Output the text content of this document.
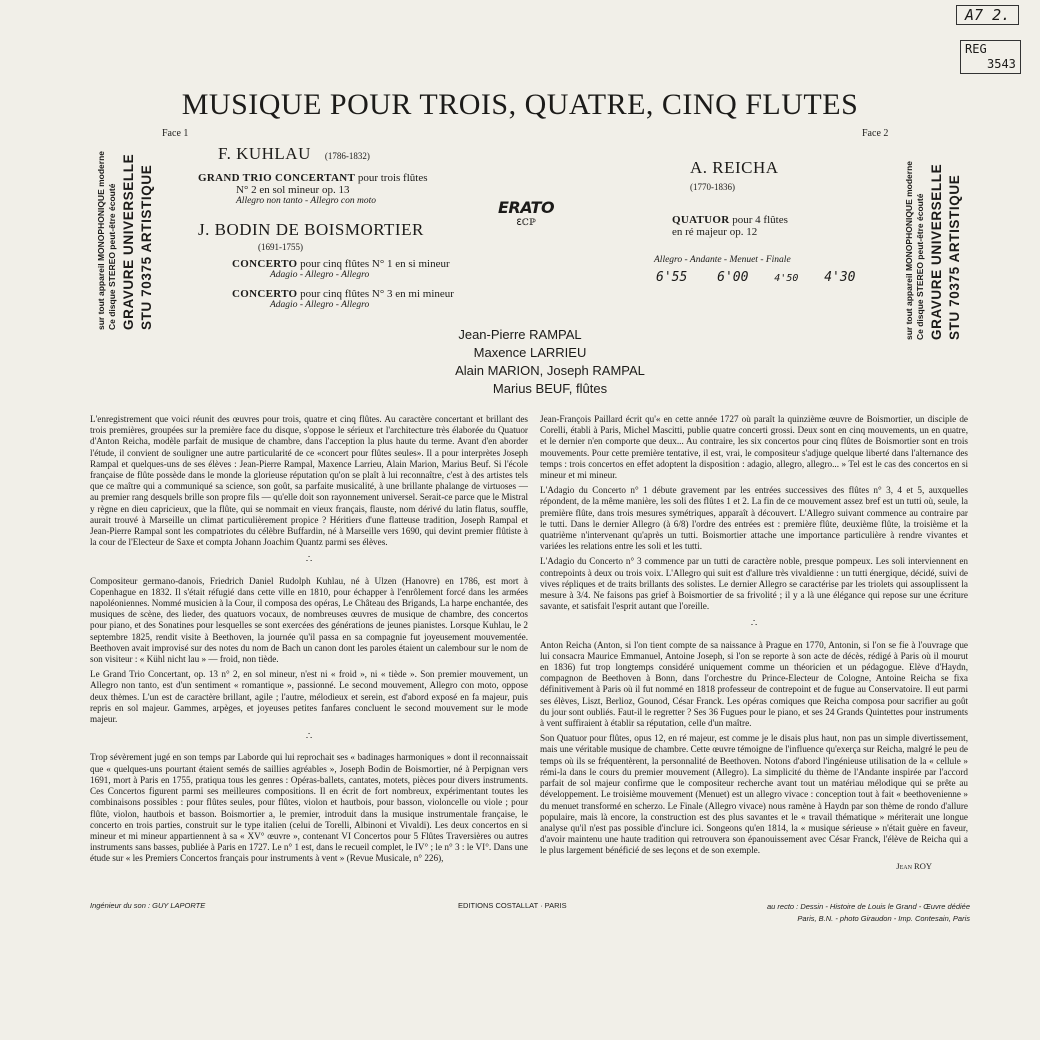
A7 2.
REG
3543
MUSIQUE POUR TROIS, QUATRE, CINQ FLUTES
STU 70375 ARTISTIQUE
GRAVURE UNIVERSELLE
Ce disque STEREO peut-être écouté
sur tout appareil MONOPHONIQUE moderne	STU 70375 ARTISTIQUE
GRAVURE UNIVERSELLE
Ce disque STEREO peut-être écouté
sur tout appareil MONOPHONIQUE moderne
Face 1
F. KUHLAU (1786-1832)
GRAND TRIO CONCERTANT pour trois flûtes
N° 2 en sol mineur op. 13
Allegro non tanto - Allegro con moto
J. BODIN DE BOISMORTIER
(1691-1755)
CONCERTO pour cinq flûtes N° 1 en si mineur
Adagio - Allegro - Allegro
CONCERTO pour cinq flûtes N° 3 en mi mineur
Adagio - Allegro - Allegro
ERATO
ℇℂℙ
Face 2
A. REICHA
(1770-1836)
QUATUOR pour 4 flûtes
en ré majeur op. 12
Allegro - Andante - Menuet - Finale
6'55 6'00	4'50 4'30
Jean-Pierre RAMPAL
Maxence LARRIEU
Alain MARION, Joseph RAMPAL
Marius BEUF, flûtes

L'enregistrement que voici réunit des œuvres pour trois, quatre et cinq flûtes. Au caractère concertant et brillant des trois premières, groupées sur la première face du disque, s'oppose le sérieux et l'architecture très élaborée du Quatuor d'Anton Reicha, modèle parfait de musique de chambre, dans l'acception la plus haute du terme. Avant d'en aborder l'étude, il convient de souligner une autre particularité de ce «concert pour flûtes seules». Il a pour interprètes Joseph Rampal et quelques-uns de ses élèves : Jean-Pierre Rampal, Maxence Larrieu, Alain Marion, Marius Beuf. Si l'école française de flûte possède dans le monde la glorieuse réputation qu'on se plaît à lui reconnaître, c'est à des artistes tels que ce maître qui a communiqué sa science, son goût, sa parfaite musicalité, à une brillante phalange de virtuoses — au premier rang desquels brille son propre fils — qu'elle doit son rayonnement universel. Serait-ce parce que le Mistral y règne en dieu capricieux, que la flûte, qui se nommait en vieux français, flauste, nom dérivé du latin flatus, souffle, aurait trouvé à Marseille un climat particulièrement propice ? Héritiers d'une flatteuse tradition, Joseph Rampal et Jean-Pierre Rampal sont les compatriotes du célèbre Buffardin, né à Marseille vers 1690, qui devint premier flûtiste à la cour de l'Electeur de Saxe et compta Johann Joachim Quantz parmi ses élèves.

∴

Compositeur germano-danois, Friedrich Daniel Rudolph Kuhlau, né à Ulzen (Hanovre) en 1786, est mort à Copenhague en 1832. Il s'était réfugié dans cette ville en 1810, pour échapper à l'enrôlement forcé dans les armées napoléoniennes. Nommé musicien à la Cour, il composa des opéras, Le Château des Brigands, La harpe enchantée, des musiques de scène, des lieder, des quatuors vocaux, de nombreuses œuvres de musique de chambre, des concertos pour piano, et des Sonatines pour lesquelles se sont exercées des générations de jeunes pianistes. Lorsque Kuhlau, le 2 septembre 1825, rendit visite à Beethoven, la journée qu'il passa en sa compagnie fut joyeusement mouvementée. Beethoven avait improvisé sur des notes du nom de Bach un canon dont les paroles étaient un calembour sur le nom de son visiteur : « Kühl nicht lau » — froid, non tiède.

Le Grand Trio Concertant, op. 13 n° 2, en sol mineur, n'est ni « froid », ni « tiède ». Son premier mouvement, un Allegro non tanto, est d'un sentiment « romantique », passionné. Le second mouvement, Allegro con moto, oppose deux thèmes. L'un est de caractère brillant, agile ; l'autre, mélodieux et serein, est d'abord exposé en fa majeur, puis repris en sol majeur. Gammes, arpèges, et joyeuses petites fanfares concluent le second mouvement sur le mode majeur.

∴

Trop sévèrement jugé en son temps par Laborde qui lui reprochait ses « badinages harmoniques » dont il reconnaissait que « quelques-uns pourtant étaient semés de saillies agréables », Joseph Bodin de Boismortier, né à Perpignan vers 1691, mort à Paris en 1755, pratiqua tous les genres : Opéras-ballets, cantates, motets, pièces pour divers instruments. Ces Concertos figurent parmi ses meilleures compositions. Il en écrit de fort nombreux, expérimentant toutes les combinaisons possibles : pour flûtes seules, pour flûtes, violon et hautbois, pour basson, violoncelle ou viole ; pour flûte, violon, hautbois et basson. Boismortier a, le premier, introduit dans la musique instrumentale française, le concerto en trois parties, construit sur le type italien (celui de Torelli, Albinoni et Vivaldi). Les deux concertos en si mineur et mi mineur appartiennent à sa « XV° œuvre », contenant VI Concertos pour 5 Flûtes Traversières ou autres instruments sans basses, publiée à Paris en 1727. Le n° 1 est, dans le recueil complet, le IV° ; le n° 3 : le VI°. Dans une étude sur « les Premiers Concertos français pour instruments à vent » (Revue Musicale, n° 226),

Jean-François Paillard écrit qu'« en cette année 1727 où paraît la quinzième œuvre de Boismortier, un disciple de Corelli, établi à Paris, Michel Mascitti, publie quatre concerti grossi. Deux sont en cinq mouvements, un en quatre, et le dernier n'en comporte que deux... Au contraire, les six concertos pour cinq flûtes de Boismortier sont en trois mouvements. Pour cette première tentative, il est, vrai, le compositeur s'adjuge quelque liberté dans l'alternance des temps : trois concertos en effet adoptent la disposition : adagio, allegro, allegro... » Tel est le cas des concertos en si mineur et mi mineur.

L'Adagio du Concerto n° 1 débute gravement par les entrées successives des flûtes n° 3, 4 et 5, auxquelles répondent, de la même manière, les soli des flûtes 1 et 2. La fin de ce mouvement assez bref est un tutti où, seule, la première flûte, dans trois mesures symétriques, apparaît à découvert. L'Allegro suivant commence au contraire par le tutti. Dans le dernier Allegro (à 6/8) l'ordre des entrées est : première flûte, deuxième flûte, la troisième et la quatrième n'intervenant qu'après un tutti. Boismortier attache une importance particulière à rendre vivantes et variées les relations entre les soli et les tutti.

L'Adagio du Concerto n° 3 commence par un tutti de caractère noble, presque pompeux. Les soli interviennent en contrepoints à deux ou trois voix. L'Allegro qui suit est d'allure très vivaldienne : un tutti énergique, décidé, suivi de vives répliques et de traits brillants des solistes. Le dernier Allegro se caractérise par les triolets qui assouplissent la mesure à 3/4. Ne faisons pas grief à Boismortier de sa frivolité ; il y a là une élégance qui repose sur une écriture savante, et satisfait l'esprit autant que l'oreille.

∴

Anton Reicha (Anton, si l'on tient compte de sa naissance à Prague en 1770, Antonin, si l'on se fie à l'ouvrage que lui consacra Maurice Emmanuel, Antoine Joseph, si l'on se reporte à son acte de décès, rédigé à Paris où il mourut en 1836) fut trop longtemps considéré uniquement comme un théoricien et un pédagogue. Elève d'Haydn, compagnon de Beethoven à Bonn, dans l'orchestre du Prince-Electeur de Cologne, Antoine Reicha se fixa définitivement à Paris où il fut nommé en 1818 professeur de contrepoint et de fugue au Conservatoire. Il eut parmi ses élèves, Liszt, Berlioz, Gounod, César Franck. Les opéras comiques que Reicha composa pour sacrifier au goût du jour sont oubliés. Faut-il le regretter ? Ses 36 Fugues pour le piano, et ses 24 Grands Quintettes pour instruments à vent suffiraient à établir sa réputation, celle d'un maître.

Son Quatuor pour flûtes, opus 12, en ré majeur, est comme je le disais plus haut, non pas un simple divertissement, mais une véritable musique de chambre. Cette œuvre témoigne de l'influence qu'exerça sur Reicha, malgré le peu de temps où ils se fréquentèrent, la personnalité de Beethoven. Notons d'abord l'ingénieuse utilisation de la « cellule » rémi-la dans le cours du premier mouvement (Allegro). La simplicité du thème de l'Andante inspirée par l'accord parfait de sol majeur confirme que le compositeur recherche avant tout un matériau mélodique qui se prête au développement. Le troisième mouvement (Menuet) est un allegro vivace : conception tout à fait « beethovenienne » du menuet transformé en scherzo. Le Finale (Allegro vivace) nous ramène à Haydn par son thème de rondo d'allure populaire, mais là encore, la construction est des plus savantes et le « travail thématique » mériterait une longue analyse qu'il n'est pas possible d'inclure ici. Songeons qu'en 1814, la « musique sérieuse » n'était guère en faveur, d'avoir maintenu une haute tradition qui retrouvera son épanouissement avec César Franck, l'élève de Reicha qui a le plus largement bénéficié de ses leçons et de son exemple.

Jean ROY
Ingénieur du son : GUY LAPORTE	EDITIONS COSTALLAT · PARIS	au recto : Dessin - Histoire de Louis le Grand - Œuvre dédiée
Paris, B.N. - photo Giraudon - Imp. Contesain, Paris
